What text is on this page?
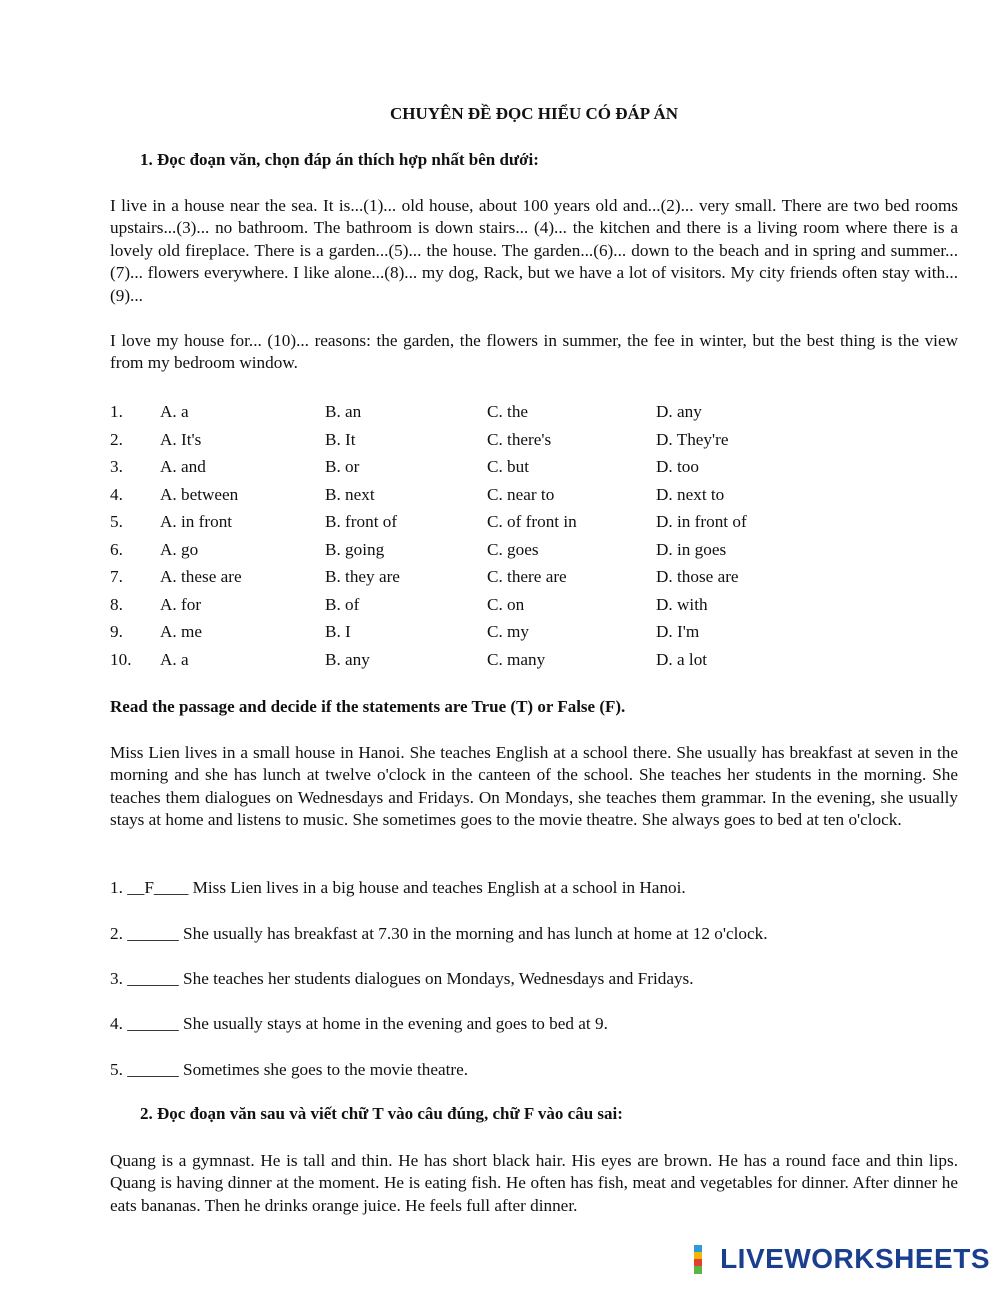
CHUYÊN ĐỀ ĐỌC HIỂU CÓ ĐÁP ÁN
1. Đọc đoạn văn, chọn đáp án thích hợp nhất bên dưới:
I live in a house near the sea. It is...(1)... old house, about 100 years old and...(2)... very small. There are two bed rooms upstairs...(3)... no bathroom. The bathroom is down stairs... (4)... the kitchen and there is a living room where there is a lovely old fireplace. There is a garden...(5)... the house. The garden...(6)... down to the beach and in spring and summer...(7)... flowers everywhere. I like alone...(8)... my dog, Rack, but we have a lot of visitors. My city friends often stay with...(9)...
I love my house for... (10)... reasons: the garden, the flowers in summer, the fee in winter, but the best thing is the view from my bedroom window.
1. A. a	B. an	C. the	D. any
2. A. It's	B. It	C. there's	D. They're
3. A. and	B. or	C. but	D. too
4. A. between	B. next	C. near to	D. next to
5. A. in front	B. front of	C. of front in	D. in front of
6. A. go	B. going	C. goes	D. in goes
7. A. these are	B. they are	C. there are	D. those are
8. A. for	B. of	C. on	D. with
9. A. me	B. I	C. my	D. I'm
10. A. a	B. any	C. many	D. a lot
Read the passage and decide if the statements are True (T) or False (F).
Miss Lien lives in a small house in Hanoi. She teaches English at a school there. She usually has breakfast at seven in the morning and she has lunch at twelve o'clock in the canteen of the school. She teaches her students in the morning. She teaches them dialogues on Wednesdays and Fridays. On Mondays, she teaches them grammar. In the evening, she usually stays at home and listens to music. She sometimes goes to the movie theatre. She always goes to bed at ten o'clock.
1. __F____ Miss Lien lives in a big house and teaches English at a school in Hanoi.
2. ______ She usually has breakfast at 7.30 in the morning and has lunch at home at 12 o'clock.
3. ______ She teaches her students dialogues on Mondays, Wednesdays and Fridays.
4. ______ She usually stays at home in the evening and goes to bed at 9.
5. ______ Sometimes she goes to the movie theatre.
2. Đọc đoạn văn sau và viết chữ T vào câu đúng, chữ F vào câu sai:
Quang is a gymnast. He is tall and thin. He has short black hair. His eyes are brown. He has a round face and thin lips. Quang is having dinner at the moment. He is eating fish. He often has fish, meat and vegetables for dinner. After dinner he eats bananas. Then he drinks orange juice. He feels full after dinner.
LIVEWORKSHEETS
